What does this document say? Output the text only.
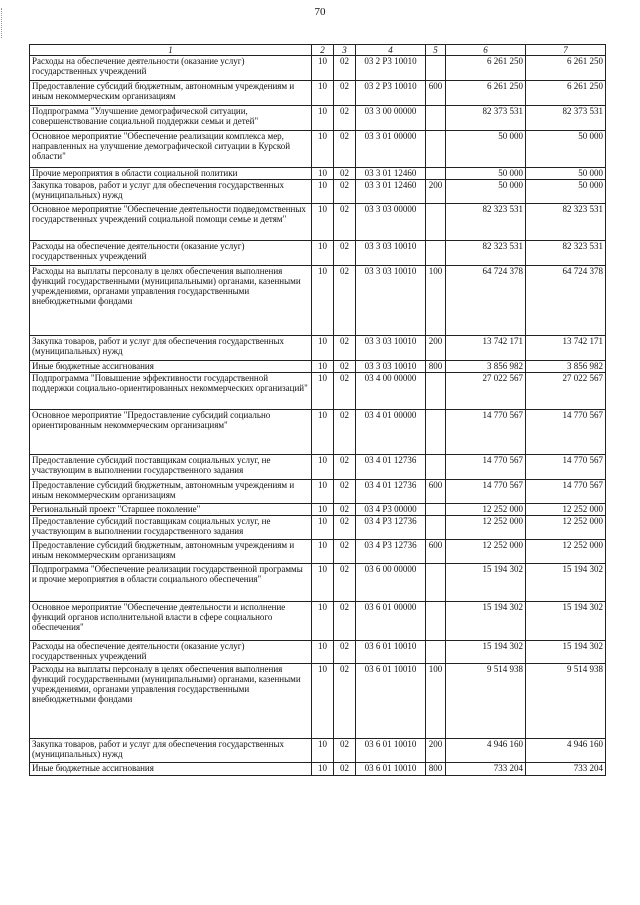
70
1	2	3	4	5	6	7
Расходы на обеспечение деятельности (оказание услуг) государственных учреждений	10	02	03 2 Р3 10010		6 261 250	6 261 250
Предоставление субсидий бюджетным, автономным учреждениям и иным некоммерческим организациям	10	02	03 2 Р3 10010	600	6 261 250	6 261 250
Подпрограмма "Улучшение демографической ситуации, совершенствование социальной поддержки семьи и детей"	10	02	03 3 00 00000		82 373 531	82 373 531
Основное мероприятие "Обеспечение реализации комплекса мер, направленных на улучшение демографической ситуации в Курской области"	10	02	03 3 01 00000		50 000	50 000
Прочие мероприятия в области социальной политики	10	02	03 3 01 12460		50 000	50 000
Закупка товаров, работ и услуг для обеспечения государственных (муниципальных) нужд	10	02	03 3 01 12460	200	50 000	50 000
Основное мероприятие "Обеспечение деятельности подведомственных государственных учреждений социальной помощи семье и детям"	10	02	03 3 03 00000		82 323 531	82 323 531
Расходы на обеспечение деятельности (оказание услуг) государственных учреждений	10	02	03 3 03 10010		82 323 531	82 323 531
Расходы на выплаты персоналу в целях обеспечения выполнения функций государственными (муниципальными) органами, казенными учреждениями, органами управления государственными внебюджетными фондами	10	02	03 3 03 10010	100	64 724 378	64 724 378
Закупка товаров, работ и услуг для обеспечения государственных (муниципальных) нужд	10	02	03 3 03 10010	200	13 742 171	13 742 171
Иные бюджетные ассигнования	10	02	03 3 03 10010	800	3 856 982	3 856 982
Подпрограмма "Повышение эффективности государственной поддержки социально-ориентированных некоммерческих организаций"	10	02	03 4 00 00000		27 022 567	27 022 567
Основное мероприятие "Предоставление субсидий социально ориентированным некоммерческим организациям"	10	02	03 4 01 00000		14 770 567	14 770 567
Предоставление субсидий поставщикам социальных услуг, не участвующим в выполнении государственного задания	10	02	03 4 01 12736		14 770 567	14 770 567
Предоставление субсидий бюджетным, автономным учреждениям и иным некоммерческим организациям	10	02	03 4 01 12736	600	14 770 567	14 770 567
Региональный проект "Старшее поколение"	10	02	03 4 Р3 00000		12 252 000	12 252 000
Предоставление субсидий поставщикам социальных услуг, не участвующим в выполнении государственного задания	10	02	03 4 Р3 12736		12 252 000	12 252 000
Предоставление субсидий бюджетным, автономным учреждениям и иным некоммерческим организациям	10	02	03 4 Р3 12736	600	12 252 000	12 252 000
Подпрограмма "Обеспечение реализации государственной программы и прочие мероприятия в области социального обеспечения"	10	02	03 6 00 00000		15 194 302	15 194 302
Основное мероприятие "Обеспечение деятельности и исполнение функций органов исполнительной власти в сфере социального обеспечения"	10	02	03 6 01 00000		15 194 302	15 194 302
Расходы на обеспечение деятельности (оказание услуг) государственных учреждений	10	02	03 6 01 10010		15 194 302	15 194 302
Расходы на выплаты персоналу в целях обеспечения выполнения функций государственными (муниципальными) органами, казенными учреждениями, органами управления государственными внебюджетными фондами	10	02	03 6 01 10010	100	9 514 938	9 514 938
Закупка товаров, работ и услуг для обеспечения государственных (муниципальных) нужд	10	02	03 6 01 10010	200	4 946 160	4 946 160
Иные бюджетные ассигнования	10	02	03 6 01 10010	800	733 204	733 204
